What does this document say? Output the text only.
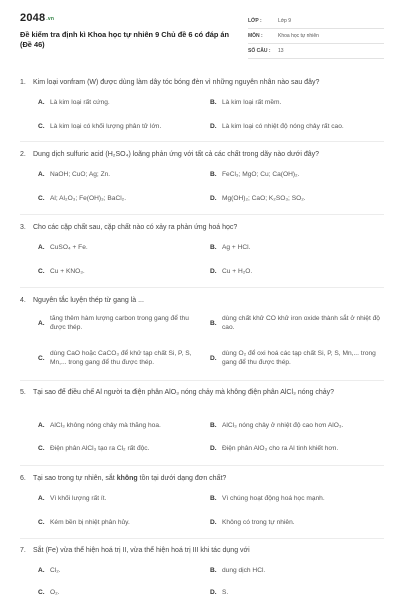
2048.vn
Đề kiểm tra định kì Khoa học tự nhiên 9 Chủ đề 6 có đáp án (Đề 46)
LỚP :	Lớp 9
MÔN :	Khoa học tự nhiên
SỐ CÂU :	13
1.	Kim loại vonfram (W) được dùng làm dây tóc bóng đèn vì những nguyên nhân nào sau đây?
A. Là kim loại rất cứng.	B. Là kim loại rất mềm.
C. Là kim loại có khối lượng phân tử lớn.	D. Là kim loại có nhiệt độ nóng chảy rất cao.
2.	Dung dịch sulfuric acid (H₂SO₄) loãng phản ứng với tất cả các chất trong dãy nào dưới đây?
A. NaOH; CuO; Ag; Zn.	B. FeCl₃; MgO; Cu; Ca(OH)₂.
C. Al; Al₂O₃; Fe(OH)₃; BaCl₂.	D. Mg(OH)₂; CaO; K₂SO₃; SO₂.
3.	Cho các cặp chất sau, cặp chất nào có xảy ra phản ứng hoá học?
A. CuSO₄ + Fe.	B. Ag + HCl.
C. Cu + KNO₃.	D. Cu + H₂O.
4.	Nguyên tắc luyện thép từ gang là ...
A.
tăng thêm hàm lượng carbon trong gang để thu được thép.
B.
dùng chất khử CO khử iron oxide thành sắt ở nhiệt độ cao.
C.
dùng CaO hoặc CaCO₃ để khử tạp chất Si, P, S, Mn,... trong gang để thu được thép.
D.
dùng O₂ để oxi hoá các tạp chất Si, P, S, Mn,... trong gang để thu được thép.
5.	Tại sao để điều chế Al người ta điện phân AlO₃ nóng chảy mà không điện phân AlCl₃ nóng chảy?
A. AlCl₃ không nóng chảy mà thăng hoa.	B. AlCl₃ nóng chảy ở nhiệt độ cao hơn AlO₃.
C. Điện phân AlCl₃ tạo ra Cl₂ rất độc.	D. Điện phân AlO₃ cho ra Al tinh khiết hơn.
6.	Tại sao trong tự nhiên, sắt không tồn tại dưới dạng đơn chất?
A. Vì khối lượng rất ít.	B. Vì chúng hoạt động hoá học mạnh.
C. Kém bền bị nhiệt phân hủy.	D. Không có trong tự nhiên.
7.	Sắt (Fe) vừa thể hiện hoá trị II, vừa thể hiện hoá trị III khi tác dụng với
A. Cl₂.	B. dung dịch HCl.
C. O₂.	D. S.
